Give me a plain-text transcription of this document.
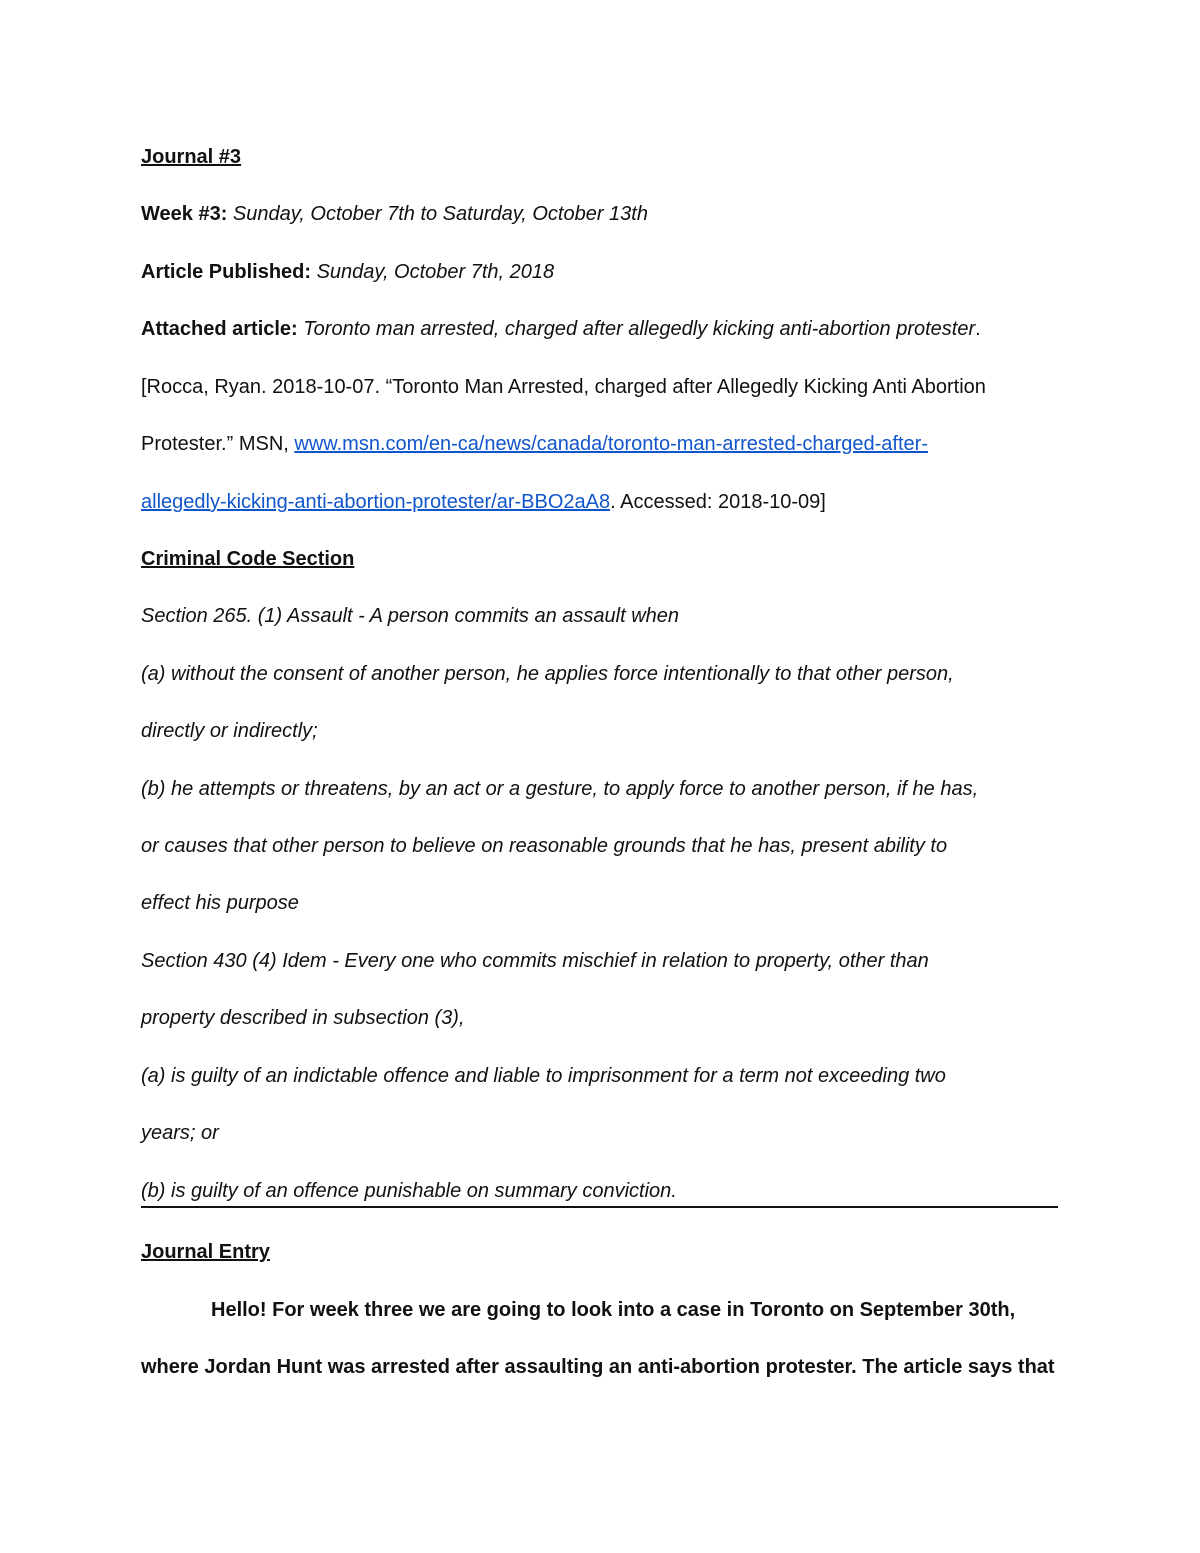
Journal #3
Week #3: Sunday, October 7th to Saturday, October 13th
Article Published: Sunday, October 7th, 2018
Attached article: Toronto man arrested, charged after allegedly kicking anti-abortion protester.
[Rocca, Ryan. 2018-10-07. “Toronto Man Arrested, charged after Allegedly Kicking Anti Abortion
Protester.” MSN, www.msn.com/en-ca/news/canada/toronto-man-arrested-charged-after-
allegedly-kicking-anti-abortion-protester/ar-BBO2aA8. Accessed: 2018-10-09]
Criminal Code Section
Section 265. (1) Assault - A person commits an assault when
(a) without the consent of another person, he applies force intentionally to that other person,
directly or indirectly;
(b) he attempts or threatens, by an act or a gesture, to apply force to another person, if he has,
or causes that other person to believe on reasonable grounds that he has, present ability to
effect his purpose
Section 430 (4) Idem - Every one who commits mischief in relation to property, other than
property described in subsection (3),
(a) is guilty of an indictable offence and liable to imprisonment for a term not exceeding two
years; or
(b) is guilty of an offence punishable on summary conviction.
Journal Entry
Hello! For week three we are going to look into a case in Toronto on September 30th,
where Jordan Hunt was arrested after assaulting an anti-abortion protester. The article says that
